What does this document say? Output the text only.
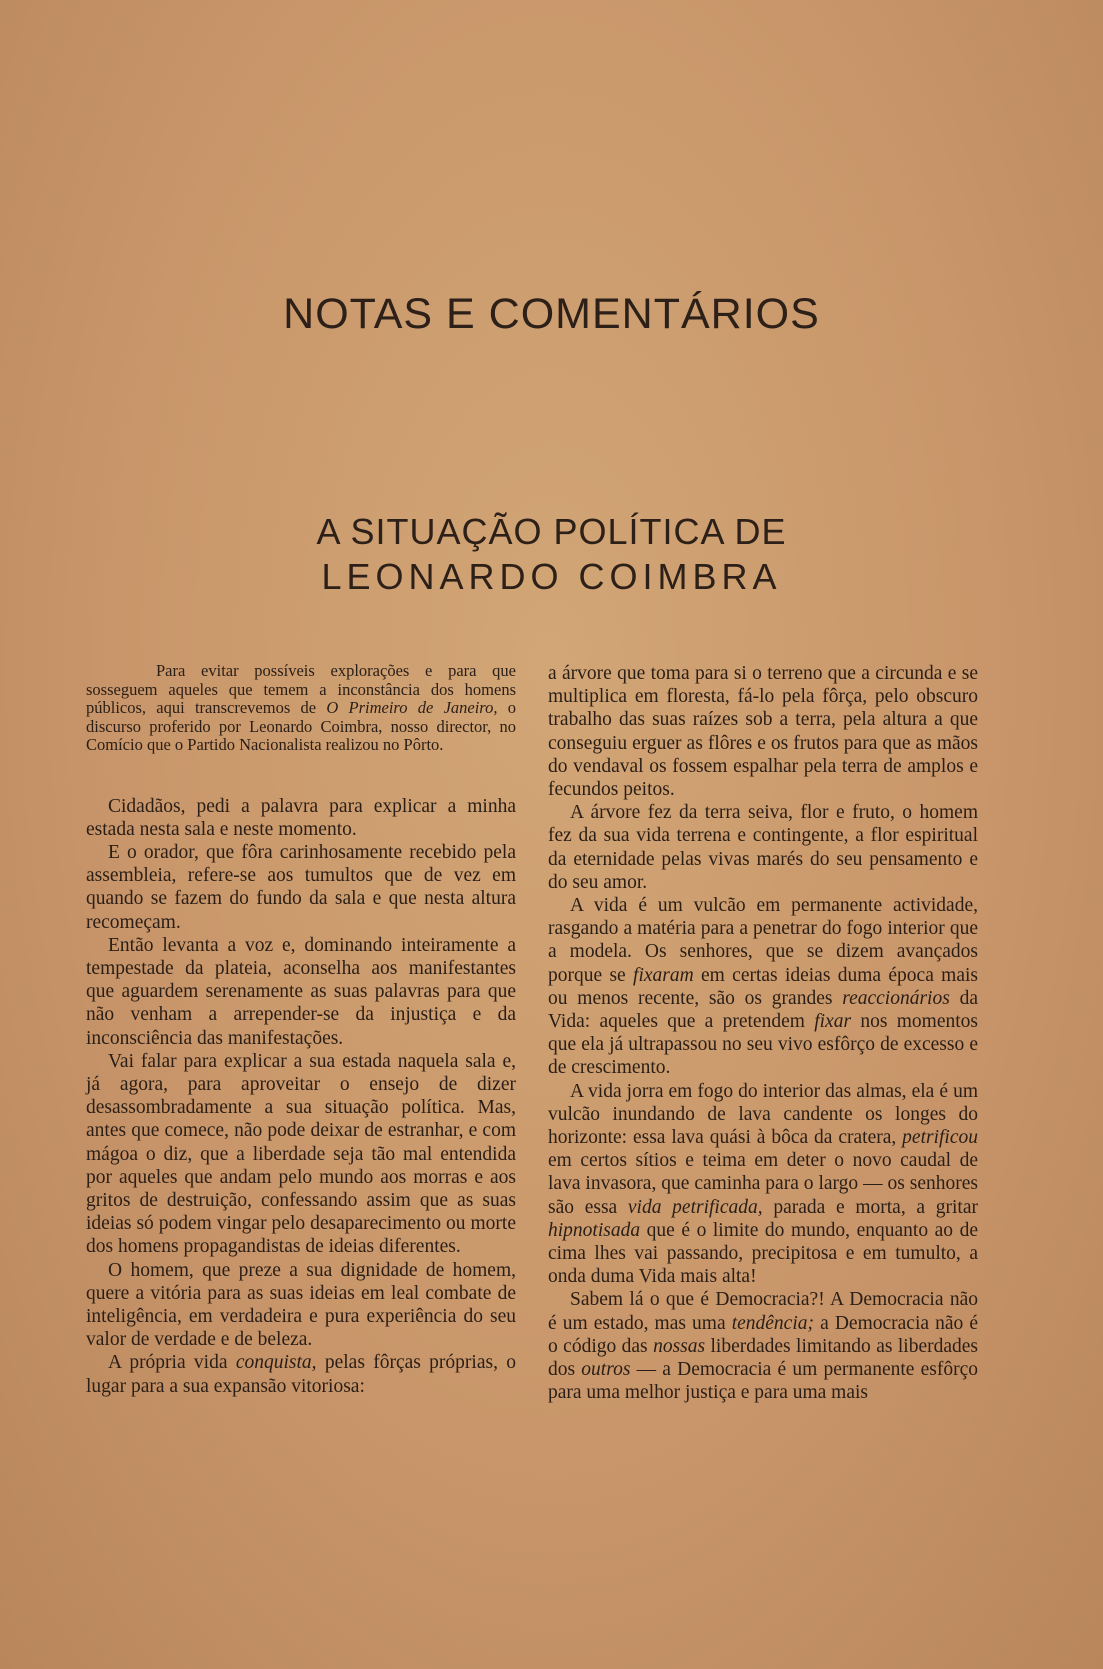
NOTAS E COMENTÁRIOS
A SITUAÇÃO POLÍTICA DE
LEONARDO COIMBRA

Para evitar possíveis explorações e para que sosseguem aqueles que temem a inconstância dos homens públicos, aqui transcrevemos de O Primeiro de Janeiro, o discurso proferido por Leonardo Coimbra, nosso director, no Comício que o Partido Nacionalista realizou no Pôrto.

Cidadãos, pedi a palavra para explicar a minha estada nesta sala e neste momento.

E o orador, que fôra carinhosamente recebido pela assembleia, refere-se aos tumultos que de vez em quando se fazem do fundo da sala e que nesta altura recomeçam.

Então levanta a voz e, dominando inteiramente a tempestade da plateia, aconselha aos manifestantes que aguardem serenamente as suas palavras para que não venham a arrepender-se da injustiça e da inconsciência das manifestações.

Vai falar para explicar a sua estada naquela sala e, já agora, para aproveitar o ensejo de dizer desassombradamente a sua situação política. Mas, antes que comece, não pode deixar de estranhar, e com mágoa o diz, que a liberdade seja tão mal entendida por aqueles que andam pelo mundo aos morras e aos gritos de destruição, confessando assim que as suas ideias só podem vingar pelo desaparecimento ou morte dos homens propagandistas de ideias diferentes.

O homem, que preze a sua dignidade de homem, quere a vitória para as suas ideias em leal combate de inteligência, em verdadeira e pura experiência do seu valor de verdade e de beleza.

A própria vida conquista, pelas fôrças próprias, o lugar para a sua expansão vitoriosa:

a árvore que toma para si o terreno que a circunda e se multiplica em floresta, fá-lo pela fôrça, pelo obscuro trabalho das suas raízes sob a terra, pela altura a que conseguiu erguer as flôres e os frutos para que as mãos do vendaval os fossem espalhar pela terra de amplos e fecundos peitos.

A árvore fez da terra seiva, flor e fruto, o homem fez da sua vida terrena e contingente, a flor espiritual da eternidade pelas vivas marés do seu pensamento e do seu amor.

A vida é um vulcão em permanente actividade, rasgando a matéria para a penetrar do fogo interior que a modela. Os senhores, que se dizem avançados porque se fixaram em certas ideias duma época mais ou menos recente, são os grandes reaccionários da Vida: aqueles que a pretendem fixar nos momentos que ela já ultrapassou no seu vivo esfôrço de excesso e de crescimento.

A vida jorra em fogo do interior das almas, ela é um vulcão inundando de lava candente os longes do horizonte: essa lava quási à bôca da cratera, petrificou em certos sítios e teima em deter o novo caudal de lava invasora, que caminha para o largo — os senhores são essa vida petrificada, parada e morta, a gritar hipnotisada que é o limite do mundo, enquanto ao de cima lhes vai passando, precipitosa e em tumulto, a onda duma Vida mais alta!

Sabem lá o que é Democracia?! A Democracia não é um estado, mas uma tendência; a Democracia não é o código das nossas liberdades limitando as liberdades dos outros — a Democracia é um permanente esfôrço para uma melhor justiça e para uma mais
